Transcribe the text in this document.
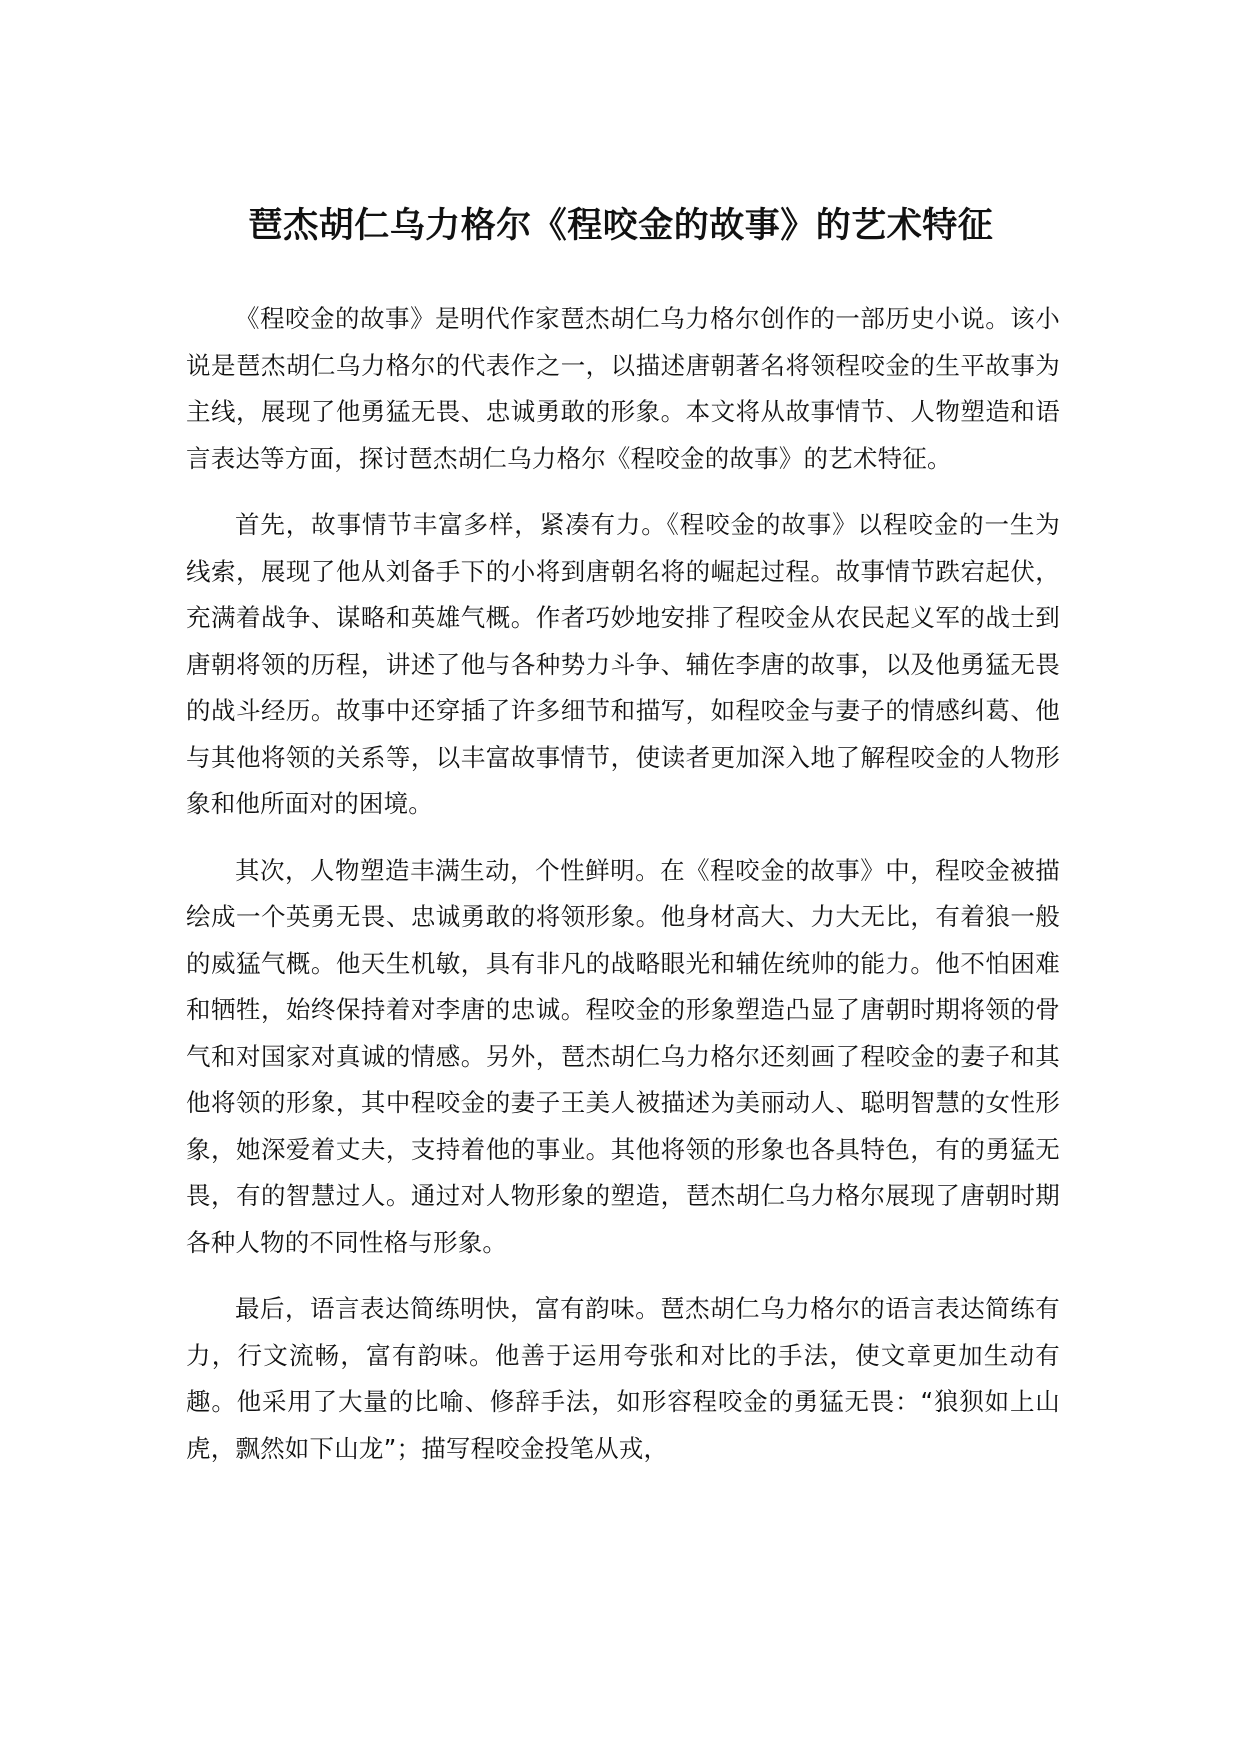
琶杰胡仁乌力格尔《程咬金的故事》的艺术特征

《程咬金的故事》是明代作家琶杰胡仁乌力格尔创作的一部历史小说。该小说是琶杰胡仁乌力格尔的代表作之一，以描述唐朝著名将领程咬金的生平故事为主线，展现了他勇猛无畏、忠诚勇敢的形象。本文将从故事情节、人物塑造和语言表达等方面，探讨琶杰胡仁乌力格尔《程咬金的故事》的艺术特征。

首先，故事情节丰富多样，紧凑有力。《程咬金的故事》以程咬金的一生为线索，展现了他从刘备手下的小将到唐朝名将的崛起过程。故事情节跌宕起伏，充满着战争、谋略和英雄气概。作者巧妙地安排了程咬金从农民起义军的战士到唐朝将领的历程，讲述了他与各种势力斗争、辅佐李唐的故事，以及他勇猛无畏的战斗经历。故事中还穿插了许多细节和描写，如程咬金与妻子的情感纠葛、他与其他将领的关系等，以丰富故事情节，使读者更加深入地了解程咬金的人物形象和他所面对的困境。

其次，人物塑造丰满生动，个性鲜明。在《程咬金的故事》中，程咬金被描绘成一个英勇无畏、忠诚勇敢的将领形象。他身材高大、力大无比，有着狼一般的威猛气概。他天生机敏，具有非凡的战略眼光和辅佐统帅的能力。他不怕困难和牺牲，始终保持着对李唐的忠诚。程咬金的形象塑造凸显了唐朝时期将领的骨气和对国家对真诚的情感。另外，琶杰胡仁乌力格尔还刻画了程咬金的妻子和其他将领的形象，其中程咬金的妻子王美人被描述为美丽动人、聪明智慧的女性形象，她深爱着丈夫，支持着他的事业。其他将领的形象也各具特色，有的勇猛无畏，有的智慧过人。通过对人物形象的塑造，琶杰胡仁乌力格尔展现了唐朝时期各种人物的不同性格与形象。

最后，语言表达简练明快，富有韵味。琶杰胡仁乌力格尔的语言表达简练有力，行文流畅，富有韵味。他善于运用夸张和对比的手法，使文章更加生动有趣。他采用了大量的比喻、修辞手法，如形容程咬金的勇猛无畏：“狼狈如上山虎，飘然如下山龙”；描写程咬金投笔从戎，
